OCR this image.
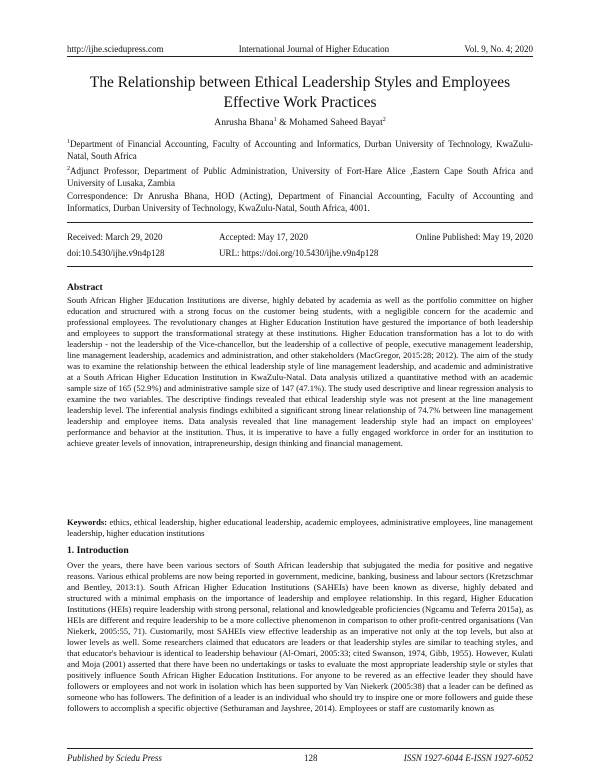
http://ijhe.sciedupress.com	International Journal of Higher Education	Vol. 9, No. 4; 2020
The Relationship between Ethical Leadership Styles and Employees Effective Work Practices
Anrusha Bhana$^1$ & Mohamed Saheed Bayat$^2$
$^1$Department of Financial Accounting, Faculty of Accounting and Informatics, Durban University of Technology, KwaZulu-Natal, South Africa
$^2$Adjunct Professor, Department of Public Administration, University of Fort-Hare Alice ,Eastern Cape South Africa and University of Lusaka, Zambia
Correspondence: Dr Anrusha Bhana, HOD (Acting), Department of Financial Accounting, Faculty of Accounting and Informatics, Durban University of Technology, KwaZulu-Natal, South Africa, 4001.
Received: March 29, 2020	Accepted: May 17, 2020	Online Published: May 19, 2020
doi:10.5430/ijhe.v9n4p128	URL: https://doi.org/10.5430/ijhe.v9n4p128
Abstract
South African Higher ]Education Institutions are diverse, highly debated by academia as well as the portfolio committee on higher education and structured with a strong focus on the customer being students, with a negligible concern for the academic and professional employees. The revolutionary changes at Higher Education Institution have gestured the importance of both leadership and employees to support the transformational strategy at these institutions. Higher Education transformation has a lot to do with leadership - not the leadership of the Vice-chancellor, but the leadership of a collective of people, executive management leadership, line management leadership, academics and administration, and other stakeholders (MacGregor, 2015:28; 2012). The aim of the study was to examine the relationship between the ethical leadership style of line management leadership, and academic and administrative at a South African Higher Education Institution in KwaZulu-Natal. Data analysis utilized a quantitative method with an academic sample size of 165 (52.9%) and administrative sample size of 147 (47.1%). The study used descriptive and linear regression analysis to examine the two variables. The descriptive findings revealed that ethical leadership style was not present at the line management leadership level. The inferential analysis findings exhibited a significant strong linear relationship of 74.7% between line management leadership and employee items. Data analysis revealed that line management leadership style had an impact on employees' performance and behavior at the institution. Thus, it is imperative to have a fully engaged workforce in order for an institution to achieve greater levels of innovation, intrapreneurship, design thinking and financial management.
Keywords: ethics, ethical leadership, higher educational leadership, academic employees, administrative employees, line management leadership, higher education institutions
1. Introduction
Over the years, there have been various sectors of South African leadership that subjugated the media for positive and negative reasons. Various ethical problems are now being reported in government, medicine, banking, business and labour sectors (Kretzschmar and Bentley, 2013:1). South African Higher Education Institutions (SAHEIs) have been known as diverse, highly debated and structured with a minimal emphasis on the importance of leadership and employee relationship. In this regard, Higher Education Institutions (HEIs) require leadership with strong personal, relational and knowledgeable proficiencies (Ngcamu and Teferra 2015a), as HEIs are different and require leadership to be a more collective phenomenon in comparison to other profit-centred organisations (Van Niekerk, 2005:55, 71). Customarily, most SAHEIs view effective leadership as an imperative not only at the top levels, but also at lower levels as well. Some researchers claimed that educators are leaders or that leadership styles are similar to teaching styles, and that educator's behaviour is identical to leadership behaviour (Al-Omari, 2005:33; cited Swanson, 1974, Gibb, 1955). However, Kulati and Moja (2001) asserted that there have been no undertakings or tasks to evaluate the most appropriate leadership style or styles that positively influence South African Higher Education Institutions. For anyone to be revered as an effective leader they should have followers or employees and not work in isolation which has been supported by Van Niekerk (2005:38) that a leader can be defined as someone who has followers. The definition of a leader is an individual who should try to inspire one or more followers and guide these followers to accomplish a specific objective (Sethuraman and Jayshree, 2014). Employees or staff are customarily known as
Published by Sciedu Press	128	ISSN 1927-6044 E-ISSN 1927-6052
